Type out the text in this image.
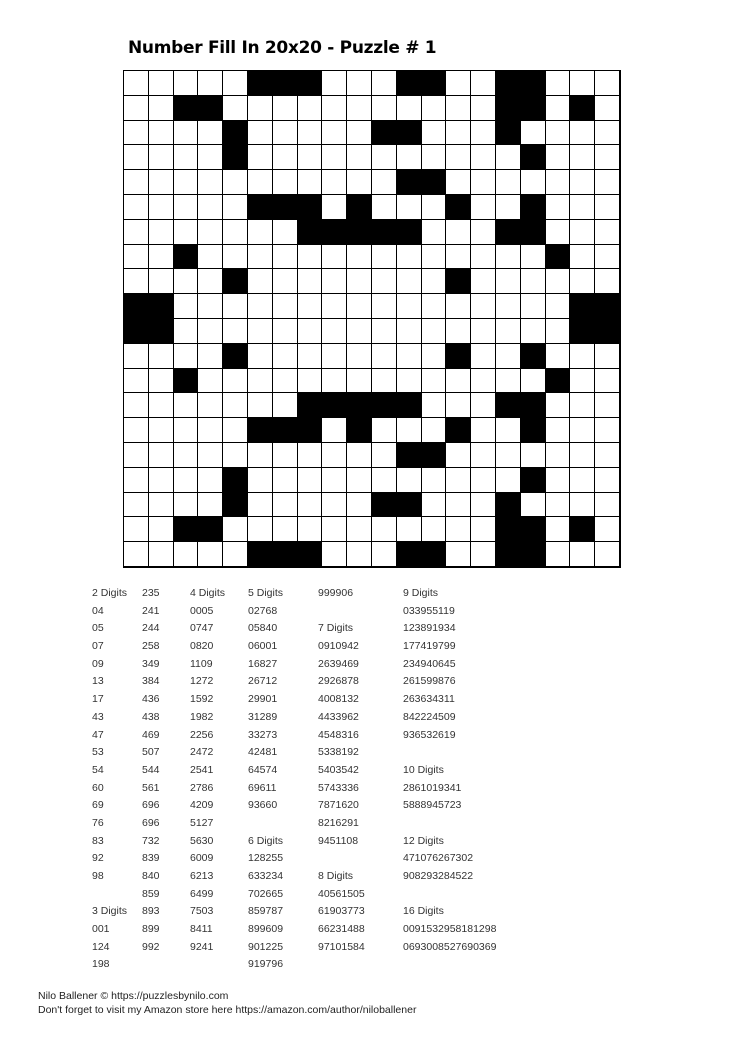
Number Fill In 20x20 - Puzzle # 1
2 Digits
04
05
07
09
13
17
43
47
53
54
60
69
76
83
92
98
3 Digits
001
124
198
235
241
244
258
349
384
436
438
469
507
544
561
696
696
732
839
840
859
893
899
992
4 Digits
0005
0747
0820
1109
1272
1592
1982
2256
2472
2541
2786
4209
5127
5630
6009
6213
6499
7503
8411
9241
5 Digits
02768
05840
06001
16827
26712
29901
31289
33273
42481
64574
69611
93660
6 Digits
128255
633234
702665
859787
899609
901225
919796
999906
7 Digits
0910942
2639469
2926878
4008132
4433962
4548316
5338192
5403542
5743336
7871620
8216291
9451108
8 Digits
40561505
61903773
66231488
97101584
9 Digits
033955119
123891934
177419799
234940645
261599876
263634311
842224509
936532619
10 Digits
2861019341
5888945723
12 Digits
471076267302
908293284522
16 Digits
0091532958181298
0693008527690369
Nilo Ballener © https://puzzlesbynilo.com
Don't forget to visit my Amazon store here https://amazon.com/author/niloballener
